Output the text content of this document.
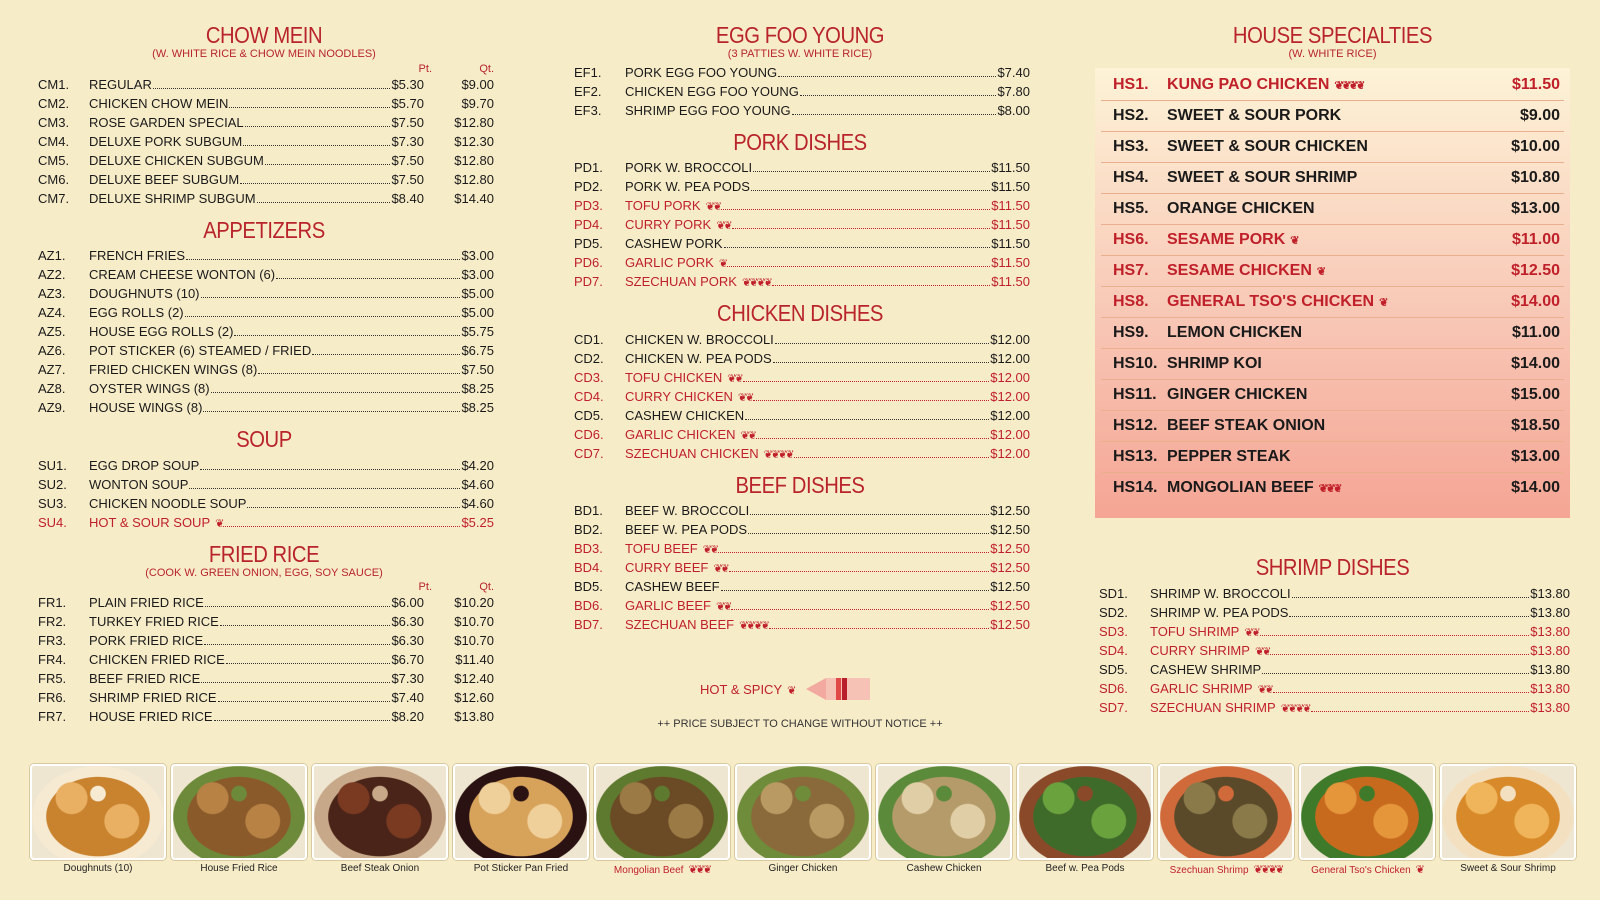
CHOW MEIN
(W. WHITE RICE & CHOW MEIN NOODLES)
Pt.	Qt.
CM1.	REGULAR	$5.30	$9.00
CM2.	CHICKEN CHOW MEIN	$5.70	$9.70
CM3.	ROSE GARDEN SPECIAL	$7.50	$12.80
CM4.	DELUXE PORK SUBGUM	$7.30	$12.30
CM5.	DELUXE CHICKEN SUBGUM	$7.50	$12.80
CM6.	DELUXE BEEF SUBGUM	$7.50	$12.80
CM7.	DELUXE SHRIMP SUBGUM	$8.40	$14.40
APPETIZERS
AZ1.	FRENCH FRIES	$3.00
AZ2.	CREAM CHEESE WONTON (6)	$3.00
AZ3.	DOUGHNUTS (10)	$5.00
AZ4.	EGG ROLLS (2)	$5.00
AZ5.	HOUSE EGG ROLLS (2)	$5.75
AZ6.	POT STICKER (6) STEAMED / FRIED	$6.75
AZ7.	FRIED CHICKEN WINGS (8)	$7.50
AZ8.	OYSTER WINGS (8)	$8.25
AZ9.	HOUSE WINGS (8)	$8.25
SOUP
SU1.	EGG DROP SOUP	$4.20
SU2.	WONTON SOUP	$4.60
SU3.	CHICKEN NOODLE SOUP	$4.60
SU4.	HOT & SOUR SOUP ❦	$5.25
FRIED RICE
(COOK W. GREEN ONION, EGG, SOY SAUCE)
Pt.	Qt.
FR1.	PLAIN FRIED RICE	$6.00	$10.20
FR2.	TURKEY FRIED RICE	$6.30	$10.70
FR3.	PORK FRIED RICE	$6.30	$10.70
FR4.	CHICKEN FRIED RICE	$6.70	$11.40
FR5.	BEEF FRIED RICE	$7.30	$12.40
FR6.	SHRIMP FRIED RICE	$7.40	$12.60
FR7.	HOUSE FRIED RICE	$8.20	$13.80
EGG FOO YOUNG
(3 PATTIES W. WHITE RICE)
EF1.	PORK EGG FOO YOUNG	$7.40
EF2.	CHICKEN EGG FOO YOUNG	$7.80
EF3.	SHRIMP EGG FOO YOUNG	$8.00
PORK DISHES
PD1.	PORK W. BROCCOLI	$11.50
PD2.	PORK W. PEA PODS	$11.50
PD3.	TOFU PORK ❦❦	$11.50
PD4.	CURRY PORK ❦❦	$11.50
PD5.	CASHEW PORK	$11.50
PD6.	GARLIC PORK ❦	$11.50
PD7.	SZECHUAN PORK ❦❦❦❦	$11.50
CHICKEN DISHES
CD1.	CHICKEN W. BROCCOLI	$12.00
CD2.	CHICKEN W. PEA PODS	$12.00
CD3.	TOFU CHICKEN ❦❦	$12.00
CD4.	CURRY CHICKEN ❦❦	$12.00
CD5.	CASHEW CHICKEN	$12.00
CD6.	GARLIC CHICKEN ❦❦	$12.00
CD7.	SZECHUAN CHICKEN ❦❦❦❦	$12.00
BEEF DISHES
BD1.	BEEF W. BROCCOLI	$12.50
BD2.	BEEF W. PEA PODS	$12.50
BD3.	TOFU BEEF ❦❦	$12.50
BD4.	CURRY BEEF ❦❦	$12.50
BD5.	CASHEW BEEF	$12.50
BD6.	GARLIC BEEF ❦❦	$12.50
BD7.	SZECHUAN BEEF ❦❦❦❦	$12.50
HOT & SPICY ❦
++ PRICE SUBJECT TO CHANGE WITHOUT NOTICE ++
HOUSE SPECIALTIES
(W. WHITE RICE)
HS1.	KUNG PAO CHICKEN ❦❦❦❦	$11.50
HS2.	SWEET & SOUR PORK	$9.00
HS3.	SWEET & SOUR CHICKEN	$10.00
HS4.	SWEET & SOUR SHRIMP	$10.80
HS5.	ORANGE CHICKEN	$13.00
HS6.	SESAME PORK ❦	$11.00
HS7.	SESAME CHICKEN ❦	$12.50
HS8.	GENERAL TSO'S CHICKEN ❦	$14.00
HS9.	LEMON CHICKEN	$11.00
HS10. SHRIMP KOI	$14.00
HS11. GINGER CHICKEN	$15.00
HS12. BEEF STEAK ONION	$18.50
HS13. PEPPER STEAK	$13.00
HS14. MONGOLIAN BEEF ❦❦❦	$14.00
SHRIMP DISHES
SD1.	SHRIMP W. BROCCOLI	$13.80
SD2.	SHRIMP W. PEA PODS	$13.80
SD3.	TOFU SHRIMP ❦❦	$13.80
SD4.	CURRY SHRIMP ❦❦	$13.80
SD5.	CASHEW SHRIMP	$13.80
SD6.	GARLIC SHRIMP ❦❦	$13.80
SD7.	SZECHUAN SHRIMP ❦❦❦❦	$13.80
Doughnuts (10)	House Fried Rice	Beef Steak Onion	Pot Sticker Pan Fried	Mongolian Beef ❦❦❦	Ginger Chicken	Cashew Chicken	Beef w. Pea Pods	Szechuan Shrimp ❦❦❦❦	General Tso's Chicken ❦	Sweet & Sour Shrimp
